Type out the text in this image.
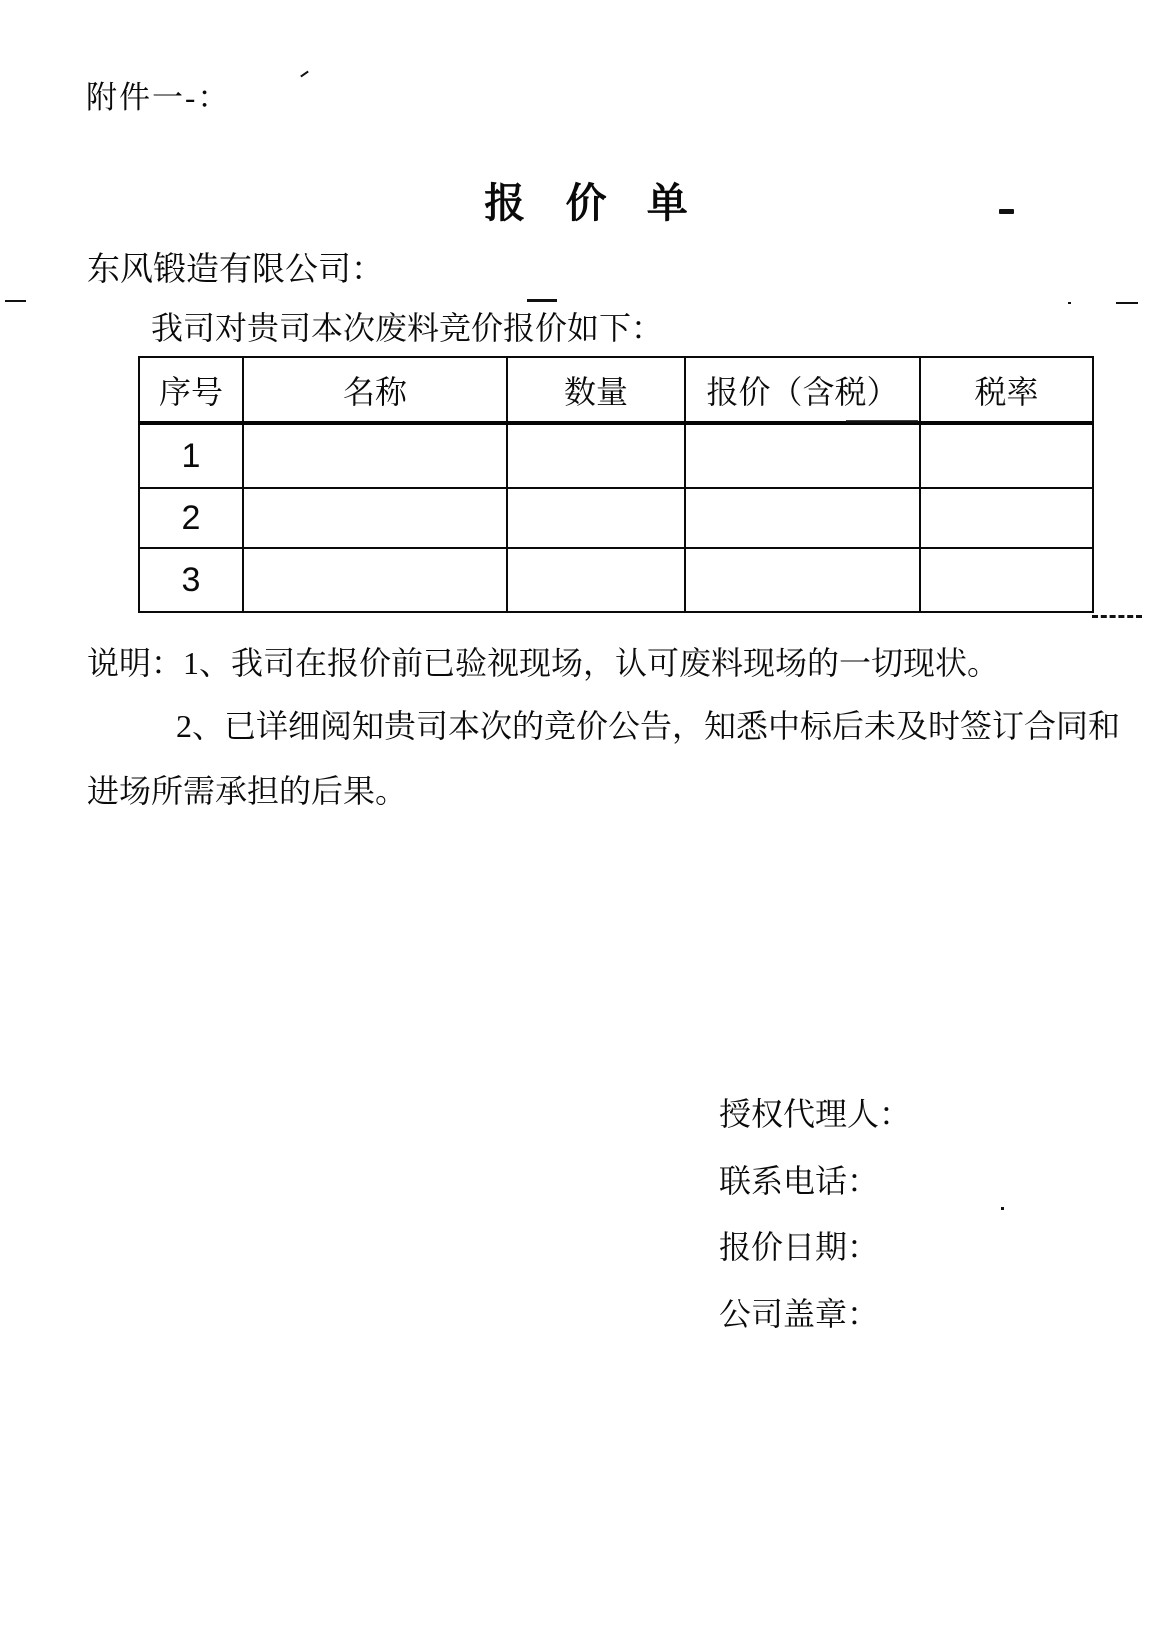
附件一-：
报 价 单
东风锻造有限公司：
我司对贵司本次废料竞价报价如下：
序号	名称	数量	报价（含税）	税率
1				
2				
3				
说明：1、我司在报价前已验视现场，认可废料现场的一切现状。
2、已详细阅知贵司本次的竞价公告，知悉中标后未及时签订合同和
进场所需承担的后果。
授权代理人：
联系电话：
报价日期：
公司盖章：
